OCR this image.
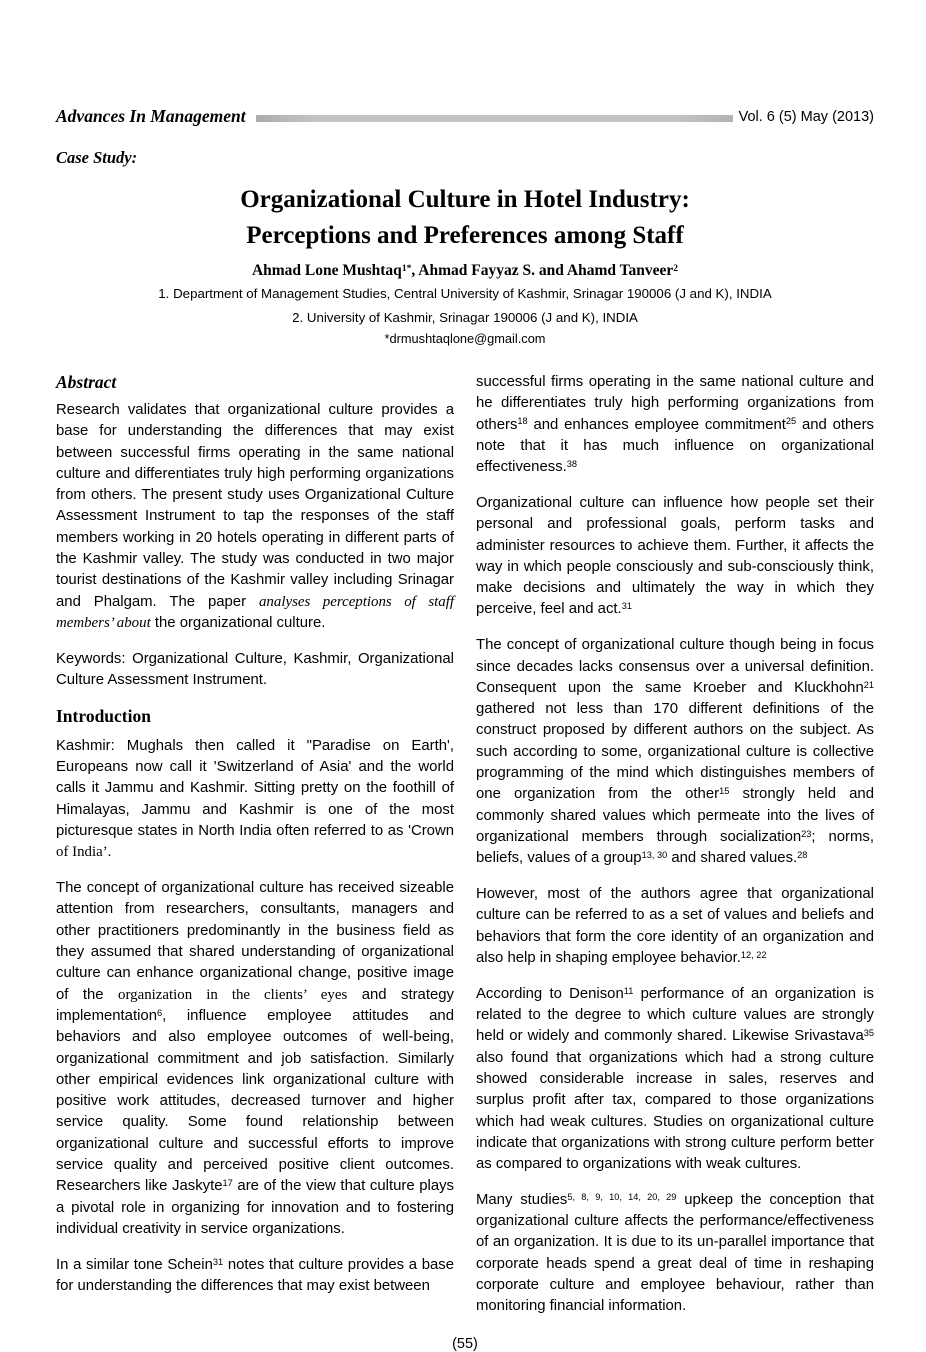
Advances In Management	Vol. 6 (5) May (2013)
Case Study:
Organizational Culture in Hotel Industry:
Perceptions and Preferences among Staff
Ahmad Lone Mushtaq$^{1*}$, Ahmad Fayyaz S. and Ahamd Tanveer$^2$
1. Department of Management Studies, Central University of Kashmir, Srinagar 190006 (J and K), INDIA
2. University of Kashmir, Srinagar 190006 (J and K), INDIA
*drmushtaqlone@gmail.com
Abstract

Research validates that organizational culture provides a base for understanding the differences that may exist between successful firms operating in the same national culture and differentiates truly high performing organizations from others. The present study uses Organizational Culture Assessment Instrument to tap the responses of the staff members working in 20 hotels operating in different parts of the Kashmir valley. The study was conducted in two major tourist destinations of the Kashmir valley including Srinagar and Phalgam. The paper analyses perceptions of staff members’ about the organizational culture.

Keywords: Organizational Culture, Kashmir, Organizational Culture Assessment Instrument.

Introduction

Kashmir: Mughals then called it "Paradise on Earth', Europeans now call it 'Switzerland of Asia' and the world calls it Jammu and Kashmir. Sitting pretty on the foothill of Himalayas, Jammu and Kashmir is one of the most picturesque states in North India often referred to as 'Crown of India’.

The concept of organizational culture has received sizeable attention from researchers, consultants, managers and other practitioners predominantly in the business field as they assumed that shared understanding of organizational culture can enhance organizational change, positive image of the organization in the clients’ eyes and strategy implementation$^6$, influence employee attitudes and behaviors and also employee outcomes of well-being, organizational commitment and job satisfaction. Similarly other empirical evidences link organizational culture with positive work attitudes, decreased turnover and higher service quality. Some found relationship between organizational culture and successful efforts to improve service quality and perceived positive client outcomes. Researchers like Jaskyte$^{17}$ are of the view that culture plays a pivotal role in organizing for innovation and to fostering individual creativity in service organizations.

In a similar tone Schein$^{31}$ notes that culture provides a base for understanding the differences that may exist between

successful firms operating in the same national culture and he differentiates truly high performing organizations from others$^{18}$ and enhances employee commitment$^{25}$ and others note that it has much influence on organizational effectiveness.$^{38}$

Organizational culture can influence how people set their personal and professional goals, perform tasks and administer resources to achieve them. Further, it affects the way in which people consciously and sub-consciously think, make decisions and ultimately the way in which they perceive, feel and act.$^{31}$

The concept of organizational culture though being in focus since decades lacks consensus over a universal definition. Consequent upon the same Kroeber and Kluckhohn$^{21}$ gathered not less than 170 different definitions of the construct proposed by different authors on the subject. As such according to some, organizational culture is collective programming of the mind which distinguishes members of one organization from the other$^{15}$ strongly held and commonly shared values which permeate into the lives of organizational members through socialization$^{23}$; norms, beliefs, values of a group$^{13, 30}$ and shared values.$^{28}$

However, most of the authors agree that organizational culture can be referred to as a set of values and beliefs and behaviors that form the core identity of an organization and also help in shaping employee behavior.$^{12, 22}$

According to Denison$^{11}$ performance of an organization is related to the degree to which culture values are strongly held or widely and commonly shared. Likewise Srivastava$^{35}$ also found that organizations which had a strong culture showed considerable increase in sales, reserves and surplus profit after tax, compared to those organizations which had weak cultures. Studies on organizational culture indicate that organizations with strong culture perform better as compared to organizations with weak cultures.

Many studies$^{5, 8, 9, 10, 14, 20, 29}$ upkeep the conception that organizational culture affects the performance/effectiveness of an organization. It is due to its un-parallel importance that corporate heads spend a great deal of time in reshaping corporate culture and employee behaviour, rather than monitoring financial information.

(55)
